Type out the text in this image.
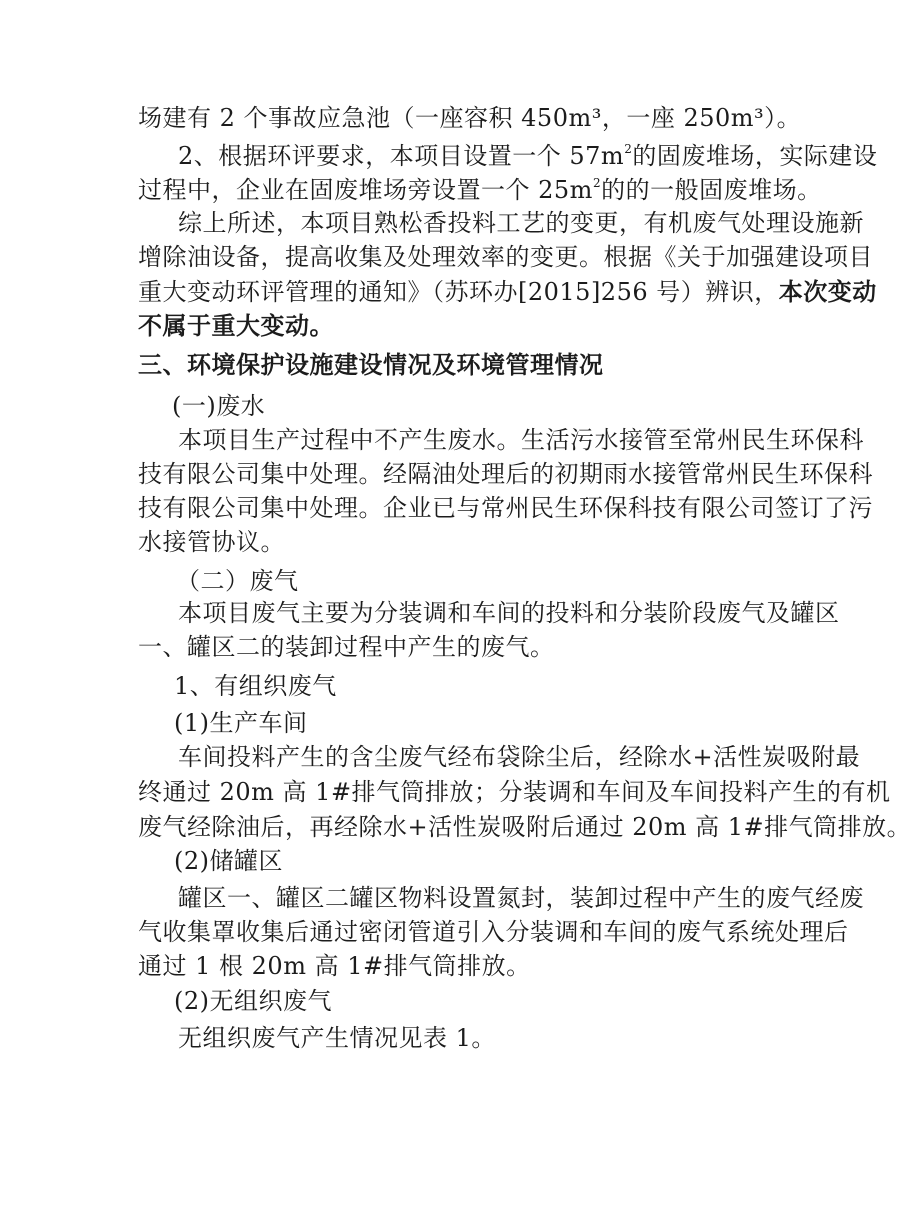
场建有 2 个事故应急池（一座容积 450m³，一座 250m³）。
2、根据环评要求，本项目设置一个 $57m^2$的固废堆场，实际建设
过程中，企业在固废堆场旁设置一个 $25m^2$的的一般固废堆场。
综上所述，本项目熟松香投料工艺的变更，有机废气处理设施新
增除油设备，提高收集及处理效率的变更。根据《关于加强建设项目
重大变动环评管理的通知》（苏环办[2015]256 号）辨识，本次变动
不属于重大变动。
三、环境保护设施建设情况及环境管理情况
(一)废水
本项目生产过程中不产生废水。生活污水接管至常州民生环保科
技有限公司集中处理。经隔油处理后的初期雨水接管常州民生环保科
技有限公司集中处理。企业已与常州民生环保科技有限公司签订了污
水接管协议。
（二）废气
本项目废气主要为分装调和车间的投料和分装阶段废气及罐区
一、罐区二的装卸过程中产生的废气。
1、有组织废气
(1)生产车间
车间投料产生的含尘废气经布袋除尘后，经除水+活性炭吸附最
终通过 20m 高 1#排气筒排放；分装调和车间及车间投料产生的有机
废气经除油后，再经除水+活性炭吸附后通过 20m 高 1#排气筒排放。
(2)储罐区
罐区一、罐区二罐区物料设置氮封，装卸过程中产生的废气经废
气收集罩收集后通过密闭管道引入分装调和车间的废气系统处理后
通过 1 根 20m 高 1#排气筒排放。
(2)无组织废气
无组织废气产生情况见表 1。
